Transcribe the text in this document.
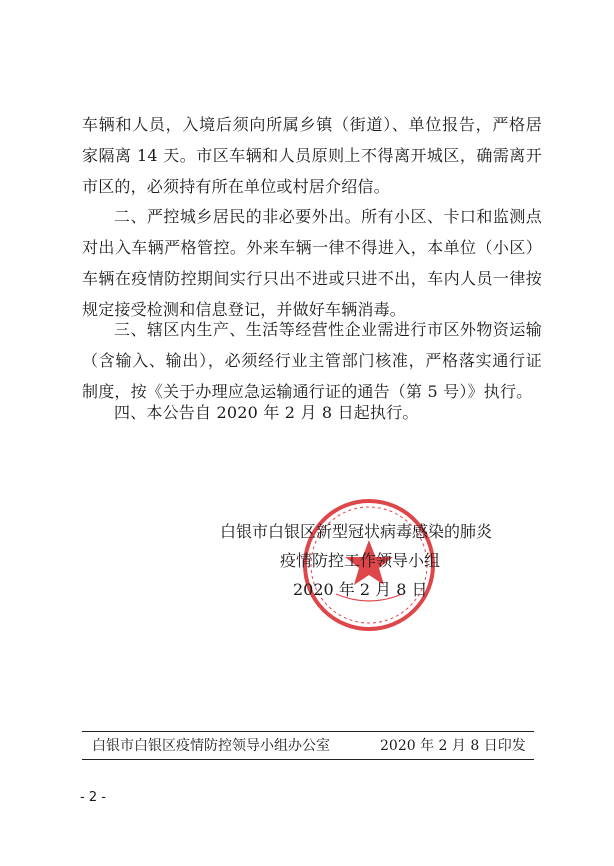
车辆和人员，入境后须向所属乡镇（街道）、单位报告，严格居家隔离 14 天。市区车辆和人员原则上不得离开城区，确需离开市区的，必须持有所在单位或村居介绍信。

二、严控城乡居民的非必要外出。所有小区、卡口和监测点对出入车辆严格管控。外来车辆一律不得进入，本单位（小区）车辆在疫情防控期间实行只出不进或只进不出，车内人员一律按规定接受检测和信息登记，并做好车辆消毒。

三、辖区内生产、生活等经营性企业需进行市区外物资运输（含输入、输出），必须经行业主管部门核准，严格落实通行证制度，按《关于办理应急运输通行证的通告（第 5 号）》执行。

四、本公告自 2020 年 2 月 8 日起执行。

白银市白银区新型冠状病毒感染的肺炎

疫情防控工作领导小组

2020 年 2 月 8 日

白银市白银区疫情防控领导小组办公室	2020 年 2 月 8 日印发

- 2 -
